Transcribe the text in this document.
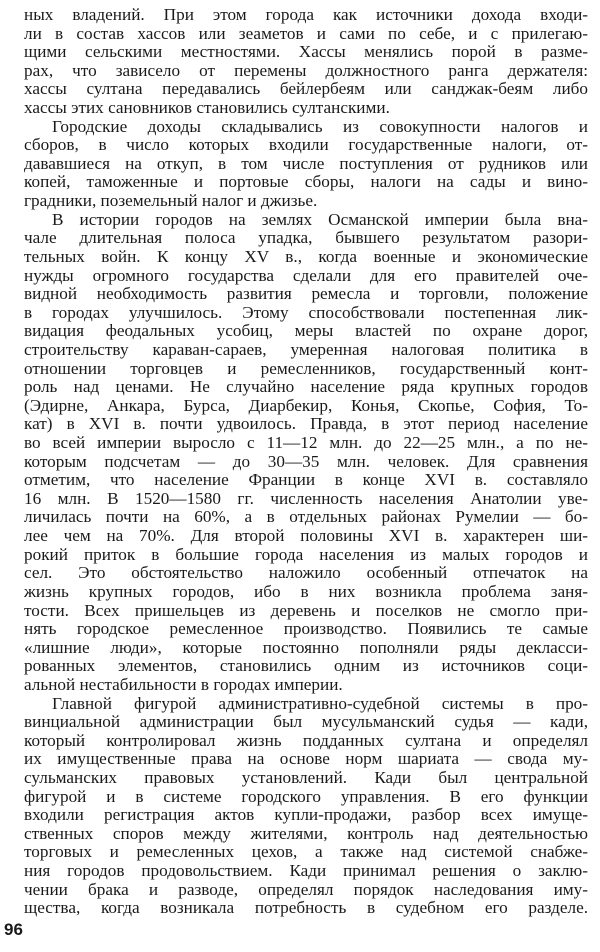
ных владений. При этом города как источники дохода входи-
ли в состав хассов или зеаметов и сами по себе, и с прилегаю-
щими сельскими местностями. Хассы менялись порой в разме-
рах, что зависело от перемены должностного ранга держателя:
хассы султана передавались бейлербеям или санджак-беям либо
хассы этих сановников становились султанскими.
Городские доходы складывались из совокупности налогов и
сборов, в число которых входили государственные налоги, от-
дававшиеся на откуп, в том числе поступления от рудников или
копей, таможенные и портовые сборы, налоги на сады и вино-
градники, поземельный налог и джизье.
В истории городов на землях Османской империи была вна-
чале длительная полоса упадка, бывшего результатом разори-
тельных войн. К концу XV в., когда военные и экономические
нужды огромного государства сделали для его правителей оче-
видной необходимость развития ремесла и торговли, положение
в городах улучшилось. Этому способствовали постепенная лик-
видация феодальных усобиц, меры властей по охране дорог,
строительству караван-сараев, умеренная налоговая политика в
отношении торговцев и ремесленников, государственный конт-
роль над ценами. Не случайно население ряда крупных городов
(Эдирне, Анкара, Бурса, Диарбекир, Конья, Скопье, София, То-
кат) в XVI в. почти удвоилось. Правда, в этот период население
во всей империи выросло с 11—12 млн. до 22—25 млн., а по не-
которым подсчетам — до 30—35 млн. человек. Для сравнения
отметим, что население Франции в конце XVI в. составляло
16 млн. В 1520—1580 гг. численность населения Анатолии уве-
личилась почти на 60%, а в отдельных районах Румелии — бо-
лее чем на 70%. Для второй половины XVI в. характерен ши-
рокий приток в большие города населения из малых городов и
сел. Это обстоятельство наложило особенный отпечаток на
жизнь крупных городов, ибо в них возникла проблема заня-
тости. Всех пришельцев из деревень и поселков не смогло при-
нять городское ремесленное производство. Появились те самые
«лишние люди», которые постоянно пополняли ряды декласси-
рованных элементов, становились одним из источников соци-
альной нестабильности в городах империи.
Главной фигурой административно-судебной системы в про-
винциальной администрации был мусульманский судья — кади,
который контролировал жизнь подданных султана и определял
их имущественные права на основе норм шариата — свода му-
сульманских правовых установлений. Кади был центральной
фигурой и в системе городского управления. В его функции
входили регистрация актов купли-продажи, разбор всех имуще-
ственных споров между жителями, контроль над деятельностью
торговых и ремесленных цехов, а также над системой снабже-
ния городов продовольствием. Кади принимал решения о заклю-
чении брака и разводе, определял порядок наследования иму-
щества, когда возникала потребность в судебном его разделе.
96
